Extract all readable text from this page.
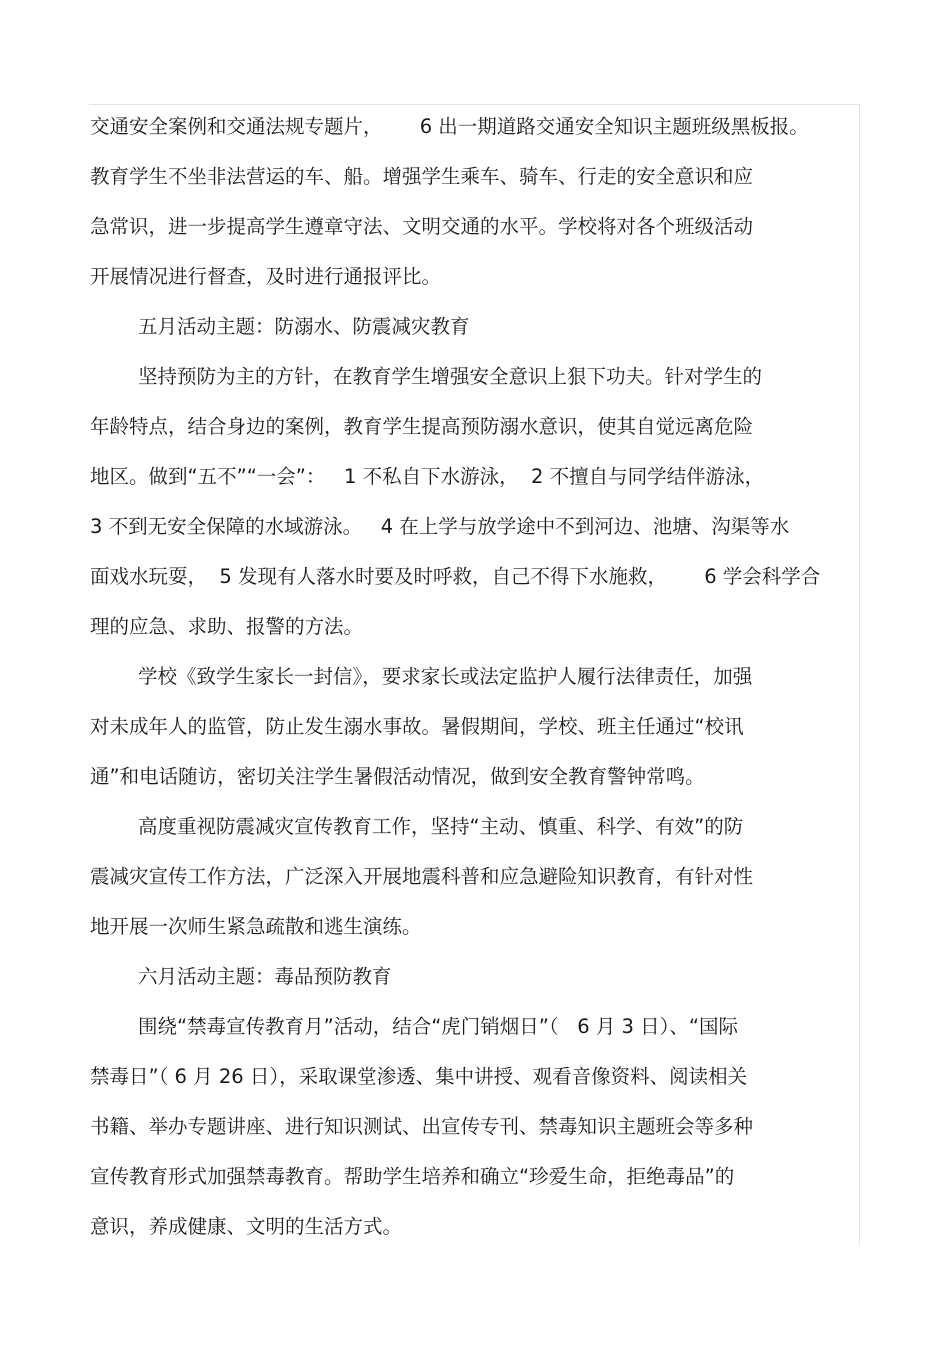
交通安全案例和交通法规专题片，      6 出一期道路交通安全知识主题班级黑板报。
教育学生不坐非法营运的车、船。增强学生乘车、骑车、行走的安全意识和应
急常识，进一步提高学生遵章守法、文明交通的水平。学校将对各个班级活动
开展情况进行督查，及时进行通报评比。
五月活动主题：防溺水、防震减灾教育
坚持预防为主的方针，在教育学生增强安全意识上狠下功夫。针对学生的
年龄特点，结合身边的案例，教育学生提高预防溺水意识，使其自觉远离危险
地区。做到“五不”“一会”：   1 不私自下水游泳，  2 不擅自与同学结伴游泳，
3 不到无安全保障的水域游泳。   4 在上学与放学途中不到河边、池塘、沟渠等水
面戏水玩耍，  5 发现有人落水时要及时呼救，自己不得下水施救，      6 学会科学合
理的应急、求助、报警的方法。
学校《致学生家长一封信》，要求家长或法定监护人履行法律责任，加强
对未成年人的监管，防止发生溺水事故。暑假期间，学校、班主任通过“校讯
通”和电话随访，密切关注学生暑假活动情况，做到安全教育警钟常鸣。
高度重视防震减灾宣传教育工作，坚持“主动、慎重、科学、有效”的防
震减灾宣传工作方法，广泛深入开展地震科普和应急避险知识教育，有针对性
地开展一次师生紧急疏散和逃生演练。
六月活动主题：毒品预防教育
围绕“禁毒宣传教育月”活动，结合“虎门销烟日”（   6 月 3 日）、“国际
禁毒日”（ 6 月 26 日），采取课堂渗透、集中讲授、观看音像资料、阅读相关
书籍、举办专题讲座、进行知识测试、出宣传专刊、禁毒知识主题班会等多种
宣传教育形式加强禁毒教育。帮助学生培养和确立“珍爱生命，拒绝毒品”的
意识，养成健康、文明的生活方式。
